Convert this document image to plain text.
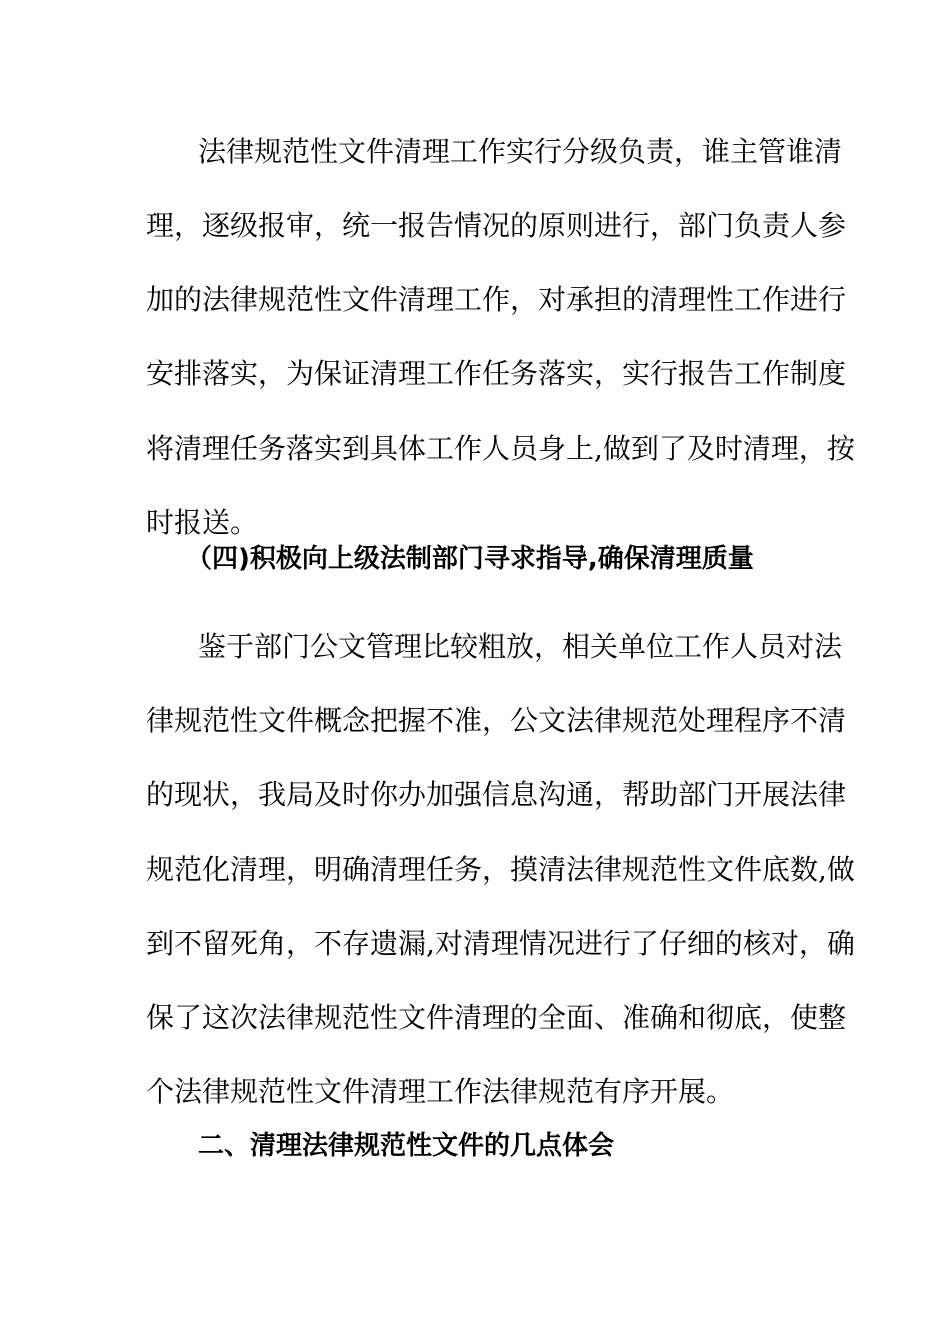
法律规范性文件清理工作实行分级负责，谁主管谁清
理，逐级报审，统一报告情况的原则进行，部门负责人参
加的法律规范性文件清理工作，对承担的清理性工作进行
安排落实，为保证清理工作任务落实，实行报告工作制度
将清理任务落实到具体工作人员身上,做到了及时清理，按
时报送。
（四)积极向上级法制部门寻求指导,确保清理质量
鉴于部门公文管理比较粗放，相关单位工作人员对法
律规范性文件概念把握不准，公文法律规范处理程序不清
的现状，我局及时你办加强信息沟通，帮助部门开展法律
规范化清理，明确清理任务，摸清法律规范性文件底数,做
到不留死角，不存遗漏,对清理情况进行了仔细的核对，确
保了这次法律规范性文件清理的全面、准确和彻底，使整
个法律规范性文件清理工作法律规范有序开展。
二、清理法律规范性文件的几点体会
